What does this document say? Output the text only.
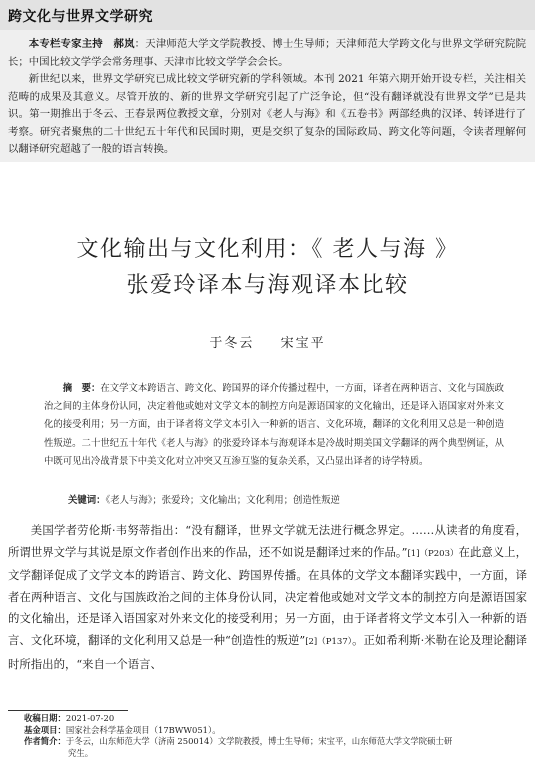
跨文化与世界文学研究

本专栏专家主持　 郝岚：天津师范大学文学院教授、博士生导师；天津师范大学跨文化与世界文学研究院院长；中国比较文学学会常务理事、天津市比较文学学会会长。

新世纪以来，世界文学研究已成比较文学研究新的学科领域。本刊 2021 年第六期开始开设专栏，关注相关范畴的成果及其意义。尽管开放的、新的世界文学研究引起了广泛争论，但“没有翻译就没有世界文学”已是共识。第一期推出于冬云、王春景两位教授文章，分别对《老人与海》和《五卷书》两部经典的汉译、转译进行了考察。研究者聚焦的二十世纪五十年代和民国时期，更是交织了复杂的国际政局、跨文化等问题，令读者理解何以翻译研究超越了一般的语言转换。

文化输出与文化利用：《 老人与海 》
张爱玲译本与海观译本比较
于冬云 宋宝平

摘　要：在文学文本跨语言、跨文化、跨国界的译介传播过程中，一方面，译者在两种语言、文化与国族政治之间的主体身份认同，决定着他或她对文学文本的制控方向是源语国家的文化输出，还是译入语国家对外来文化的接受利用；另一方面，由于译者将文学文本引入一种新的语言、文化环境，翻译的文化利用又总是一种创造性叛逆。二十世纪五十年代《老人与海》的张爱玲译本与海观译本是冷战时期美国文学翻译的两个典型例证，从中既可见出冷战背景下中美文化对立冲突又互渗互鉴的复杂关系，又凸显出译者的诗学特质。

关键词：《老人与海》；张爱玲；文化输出；文化利用；创造性叛逆

美国学者劳伦斯·韦努蒂指出：“没有翻译，世界文学就无法进行概念界定。……从读者的角度看，所谓世界文学与其说是原文作者创作出来的作品，还不如说是翻译过来的作品。”[1]（P203）在此意义上，文学翻译促成了文学文本的跨语言、跨文化、跨国界传播。在具体的文学文本翻译实践中，一方面，译者在两种语言、文化与国族政治之间的主体身份认同，决定着他或她对文学文本的制控方向是源语国家的文化输出，还是译入语国家对外来文化的接受利用；另一方面，由于译者将文学文本引入一种新的语言、文化环境，翻译的文化利用又总是一种“创造性的叛逆”[2]（P137）。正如希利斯·米勒在论及理论翻译时所指出的，“来自一个语言、

收稿日期：2021-07-20
基金项目：国家社会科学基金项目（17BWW051）。
作者简介：于冬云，山东师范大学（济南 250014）文学院教授，博士生导师；宋宝平，山东师范大学文学院硕士研
究生。
